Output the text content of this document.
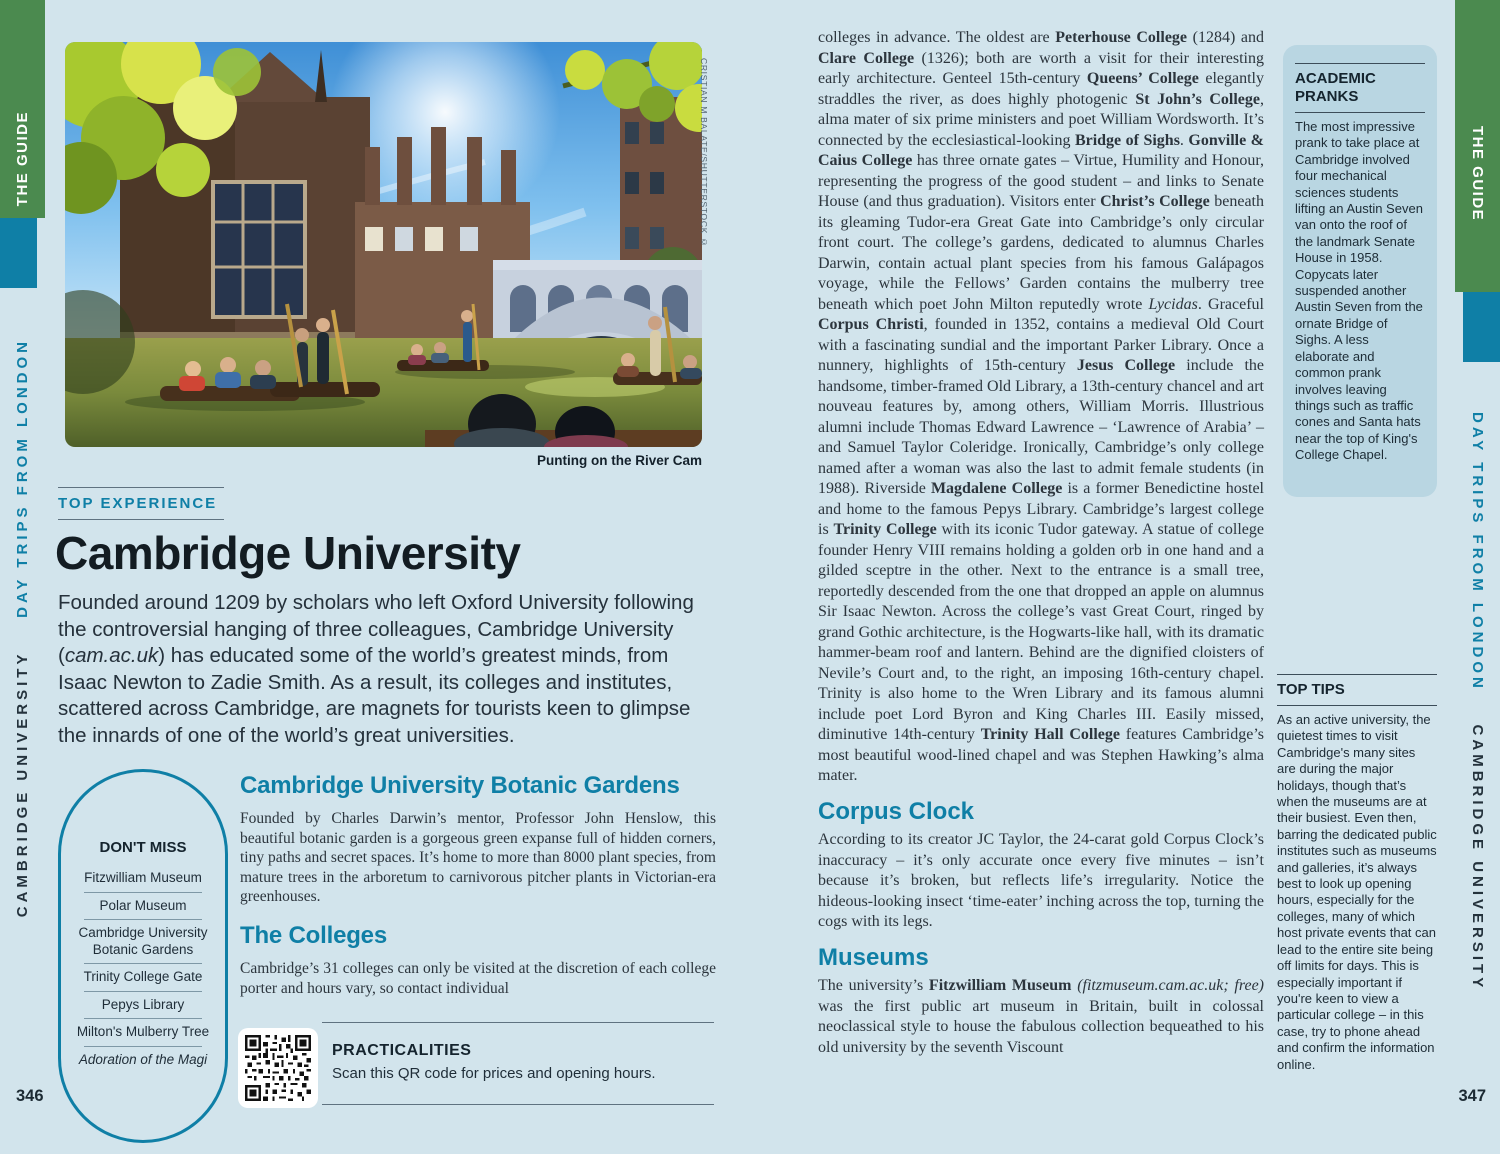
THE GUIDE
CAMBRIDGE UNIVERSITY    DAY TRIPS FROM LONDON
THE GUIDE
DAY TRIPS FROM LONDON    CAMBRIDGE UNIVERSITY
CRISTIAN M BALATE/SHUTTERSTOCK ©
Punting on the River Cam
TOP EXPERIENCE
Cambridge University
Founded around 1209 by scholars who left Oxford University following the controversial hanging of three colleagues, Cambridge University (cam.ac.uk) has educated some of the world’s greatest minds, from Isaac Newton to Zadie Smith. As a result, its colleges and institutes, scattered across Cambridge, are magnets for tourists keen to glimpse the innards of one of the world’s great universities.
DON'T MISS
Fitzwilliam Museum
Polar Museum
Cambridge University Botanic Gardens
Trinity College Gate
Pepys Library
Milton's Mulberry Tree
Adoration of the Magi
Cambridge University Botanic Gardens
Founded by Charles Darwin’s mentor, Professor John Henslow, this beautiful botanic garden is a gorgeous green expanse full of hidden corners, tiny paths and secret spaces. It’s home to more than 8000 plant species, from mature trees in the arboretum to carnivorous pitcher plants in Victorian-era greenhouses.
The Colleges
Cambridge’s 31 colleges can only be visited at the discretion of each college porter and hours vary, so contact individual
PRACTICALITIES
Scan this QR code for prices and opening hours.
346

colleges in advance. The oldest are Peterhouse College (1284) and Clare College (1326); both are worth a visit for their interesting early architecture. Genteel 15th-century Queens’ College elegantly straddles the river, as does highly photogenic St John’s College, alma mater of six prime ministers and poet William Wordsworth. It’s connected by the ecclesiastical-looking Bridge of Sighs. Gonville & Caius College has three ornate gates – Virtue, Humility and Honour, representing the progress of the good student – and links to Senate House (and thus graduation). Visitors enter Christ’s College beneath its gleaming Tudor-era Great Gate into Cambridge’s only circular front court. The college’s gardens, dedicated to alumnus Charles Darwin, contain actual plant species from his famous Galápagos voyage, while the Fellows’ Garden contains the mulberry tree beneath which poet John Milton reputedly wrote Lycidas. Graceful Corpus Christi, founded in 1352, contains a medieval Old Court with a fascinating sundial and the important Parker Library. Once a nunnery, highlights of 15th-century Jesus College include the handsome, timber-framed Old Library, a 13th-century chancel and art nouveau features by, among others, William Morris. Illustrious alumni include Thomas Edward Lawrence – ‘Lawrence of Arabia’ – and Samuel Taylor Coleridge. Ironically, Cambridge’s only college named after a woman was also the last to admit female students (in 1988). Riverside Magdalene College is a former Benedictine hostel and home to the famous Pepys Library. Cambridge’s largest college is Trinity College with its iconic Tudor gateway. A statue of college founder Henry VIII remains holding a golden orb in one hand and a gilded sceptre in the other. Next to the entrance is a small tree, reportedly descended from the one that dropped an apple on alumnus Sir Isaac Newton. Across the college’s vast Great Court, ringed by grand Gothic architecture, is the Hogwarts-like hall, with its dramatic hammer-beam roof and lantern. Behind are the dignified cloisters of Nevile’s Court and, to the right, an imposing 16th-century chapel. Trinity is also home to the Wren Library and its famous alumni include poet Lord Byron and King Charles III. Easily missed, diminutive 14th-century Trinity Hall College features Cambridge’s most beautiful wood-lined chapel and was Stephen Hawking’s alma mater.

Corpus Clock

According to its creator JC Taylor, the 24-carat gold Corpus Clock’s inaccuracy – it’s only accurate once every five minutes – isn’t because it’s broken, but reflects life’s irregularity. Notice the hideous-looking insect ‘time-eater’ inching across the top, turning the cogs with its legs.

Museums

The university’s Fitzwilliam Museum (fitzmuseum.cam.ac.uk; free) was the first public art museum in Britain, built in colossal neoclassical style to house the fabulous collection bequeathed to his old university by the seventh Viscount

ACADEMIC PRANKS
The most impressive prank to take place at Cambridge involved four mechanical sciences students lifting an Austin Seven van onto the roof of the landmark Senate House in 1958. Copycats later suspended another Austin Seven from the ornate Bridge of Sighs. A less elaborate and common prank involves leaving things such as traffic cones and Santa hats near the top of King's College Chapel.
TOP TIPS
As an active university, the quietest times to visit Cambridge's many sites are during the major holidays, though that’s when the museums are at their busiest. Even then, barring the dedicated public institutes such as museums and galleries, it’s always best to look up opening hours, especially for the colleges, many of which host private events that can lead to the entire site being off limits for days. This is especially important if you're keen to view a particular college – in this case, try to phone ahead and confirm the information online.
347
